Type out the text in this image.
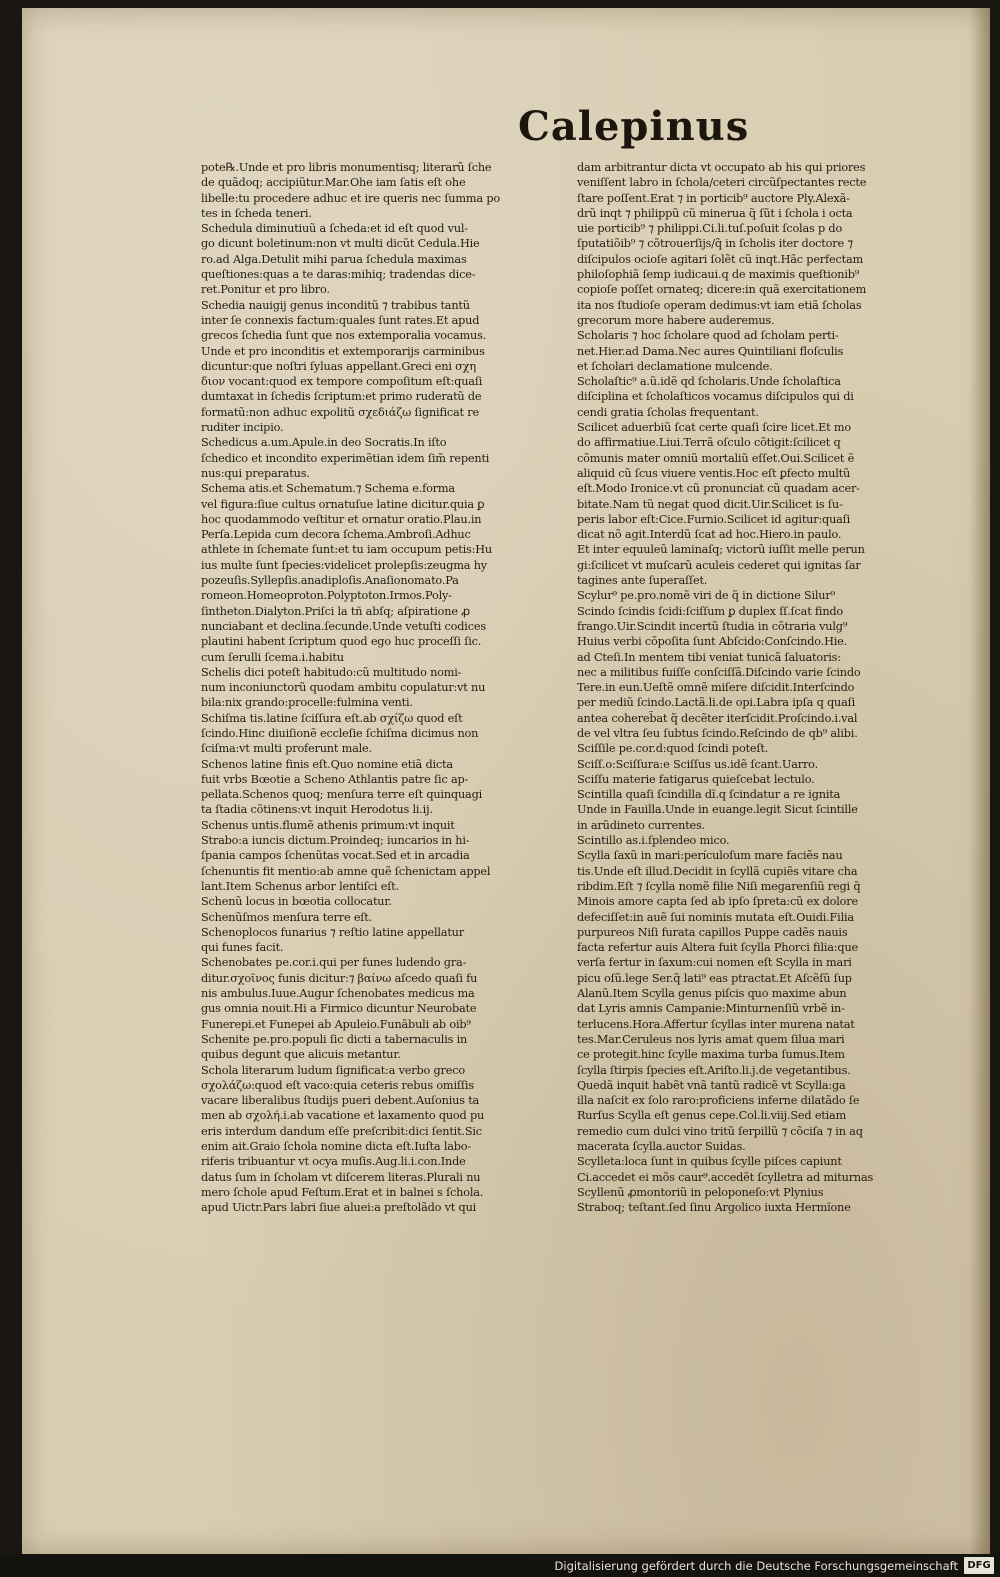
Calepinus
pote℞.Unde et pro libris monumentisq; literarũ ſche
de quãdoq; accipiũtur.Mar.Ohe iam ſatis eſt ohe
libelle:tu procedere adhuc et ire queris nec ſumma po
tes in ſcheda teneri.
Schedula diminutiuũ a ſcheda:et id eſt quod vul-
go dicunt boletinum:non vt multi dicũt Cedula.Hie
ro.ad Alga.Detulit mihi parua ſchedula maximas
queſtiones:quas a te daras:mihiq; tradendas dice-
ret.Ponitur et pro libro.
Schedia nauigij genus inconditũ ⁊ trabibus tantũ
inter ſe connexis factum:quales ſunt rates.Et apud
grecos ſchedia ſunt que nos extemporalia vocamus.
Unde et pro inconditis et extemporarijs carminibus
dicuntur:que noſtri ſyluas appellant.Greci eni σχη
διον vocant:quod ex tempore compoſitum eſt:quaſi
dumtaxat in ſchedis ſcriptum:et primo ruderatũ de
formatũ:non adhuc expolitũ σχεδιάζω ſignificat re
ruditer incipio.
Schedicus a.um.Apule.in deo Socratis.In iſto
ſchedico et incondito experimẽtian idem ſim̃ repenti
nus:qui preparatus.
Schema atis.et Schematum.⁊ Schema e.forma
vel figura:ſiue cultus ornatuſue latine dicitur.quia ꝑ
hoc quodammodo veſtitur et ornatur oratio.Plau.in
Perſa.Lepida cum decora ſchema.Ambroſi.Adhuc
athlete in ſchemate ſunt:et tu iam occupum petis:Hu
ius multe ſunt ſpecies:videlicet prolepſis:zeugma hy
pozeuſis.Syllepſis.anadiploſis.Anaſionomato.Pa
romeon.Homeoproton.Polyptoton.Irmos.Poly-
ſintheton.Dialyton.Priſci la tñ abſq; aſpiratione ꝓ
nunciabant et declina.ſecunde.Unde vetuſti codices
plautini habent ſcriptum quod ego huc proceſſi ſic.
cum ſerulli ſcema.i.habitu
Schelis dici poteſt habitudo:cũ multitudo nomi-
num inconiunctorũ quodam ambitu copulatur:vt nu
bila:nix grando:procelle:fulmina venti.
Schiſma tis.latine ſciſſura eſt.ab σχίζω quod eſt
ſcindo.Hinc diuiſionẽ eccleſie ſchiſma dicimus non
ſciſma:vt multi proferunt male.
Schenos latine finis eſt.Quo nomine etiã dicta
fuit vrbs Bœotie a Scheno Athlantis patre ſic ap-
pellata.Schenos quoq; menſura terre eſt quinquagi
ta ſtadia cõtinens:vt inquit Herodotus li.ij.
Schenus untis.flumẽ athenis primum:vt inquit
Strabo:a iuncis dictum.Proindeq; iuncarios in hi-
ſpania campos ſchenũtas vocat.Sed et in arcadia
ſchenuntis fit mentio:ab amne quẽ ſchenictam appel
lant.Item Schenus arbor lentiſci eſt.
Schenũ locus in bœotia collocatur.
Schenũſmos menſura terre eſt.
Schenoplocos funarius ⁊ reſtio latine appellatur
qui funes facit.
Schenobates pe.cor.i.qui per funes ludendo gra-
ditur.σχοῖνος funis dicitur:⁊ βαίνω aſcedo quaſi fu
nis ambulus.Iuue.Augur ſchenobates medicus ma
gus omnia nouit.Hi a Firmico dicuntur Neurobate
Funerepi.et Funepei ab Apuleio.Funãbuli ab oib⁹
Schenite pe.pro.populi ſic dicti a tabernaculis in
quibus degunt que alicuis metantur.
Schola literarum ludum ſignificat:a verbo greco
σχολάζω:quod eſt vaco:quia ceteris rebus omiſſis
vacare liberalibus ſtudijs pueri debent.Auſonius ta
men ab σχολή.i.ab vacatione et laxamento quod pu
eris interdum dandum eſſe preſcribit:dici ſentit.Sic
enim ait.Graio ſchola nomine dicta eſt.Iuſta labo-
riferis tribuantur vt ocya muſis.Aug.li.i.con.Inde
datus ſum in ſcholam vt diſcerem literas.Plurali nu
mero ſchole apud Feſtum.Erat et in balnei s ſchola.
apud Uictr.Pars labri ſiue aluei:a preſtolãdo vt qui
dam arbitrantur dicta vt occupato ab his qui priores
veniſſent labro in ſchola/ceteri circũſpectantes recte
ſtare poſſent.Erat ⁊ in porticib⁹ auctore Ply.Alexã-
drũ inqt ⁊ philippũ cũ minerua q̃ ſũt i ſchola i octa
uie porticib⁹ ⁊ philippi.Ci.li.tuſ.poſuit ſcolas p do
ſputatiõib⁹ ⁊ cõtrouerſijs/q̃ in ſcholis iter doctore ⁊
diſcipulos ocioſe agitari ſolẽt cũ inqt.Hãc perfectam
philoſophiã ſemp iudicaui.q de maximis queſtionib⁹
copioſe poſſet ornateq; dicere:in quã exercitationem
ita nos ſtudioſe operam dedimus:vt iam etiã ſcholas
grecorum more habere auderemus.
Scholaris ⁊ hoc ſcholare quod ad ſcholam perti-
net.Hier.ad Dama.Nec aures Quintiliani floſculis
et ſcholari declamatione mulcende.
Scholaſtic⁹ a.ũ.idẽ qd ſcholaris.Unde ſcholaſtica
diſciplina et ſcholaſticos vocamus diſcipulos qui di
cendi gratia ſcholas frequentant.
Scilicet aduerbiũ ſcat certe quaſi ſcire licet.Et mo
do affirmatiue.Liui.Terrã oſculo cõtigit:ſcilicet q
cõmunis mater omniũ mortaliũ eſſet.Oui.Scilicet ẽ
aliquid cũ ſcus viuere ventis.Hoc eſt ꝑfecto multũ
eſt.Modo Ironice.vt cũ pronunciat cũ quadam acer-
bitate.Nam tũ negat quod dicit.Uir.Scilicet is ſu-
peris labor eſt:Cice.Furnio.Scilicet id agitur:quaſi
dicat nõ agit.Interdũ ſcat ad hoc.Hiero.in paulo.
Et inter equuleũ laminaſq; victorũ iuſſit melle perun
gi:ſcilicet vt muſcarũ aculeis cederet qui ignitas ſar
tagines ante ſuperaſſet.
Scylur⁹ pe.pro.nomẽ viri de q̃ in dictione Silur⁹
Scindo ſcindis ſcidi:ſciſſum ꝑ duplex ſſ.ſcat findo
frango.Uir.Scindit incertũ ſtudia in cõtraria vulg⁹
Huius verbi cõpoſita ſunt Abſcido:Conſcindo.Hie.
ad Cteſi.In mentem tibi veniat tunicã ſaluatoris:
nec a militibus fuiſſe conſciſſã.Diſcindo varie ſcindo
Tere.in eun.Ueſtẽ omnẽ miſere diſcidit.Interſcindo
per mediũ ſcindo.Lactã.li.de opi.Labra ipſa q quaſi
antea cohereb̃at q̃ decẽter iterſcidit.Proſcindo.i.val
de vel vltra ſeu ſubtus ſcindo.Reſcindo de qb⁹ alibi.
Sciſſile pe.cor.d:quod ſcindi poteſt.
Sciſſ.o:Sciſſura:e Sciſſus us.idẽ ſcant.Uarro.
Sciſſu materie fatigarus quieſcebat lectulo.
Scintilla quaſi ſcindilla dĩ.q ſcindatur a re ignita
Unde in Fauilla.Unde in euange.legit Sicut ſcintille
in arũdineto currentes.
Scintillo as.i.ſplendeo mico.
Scylla ſaxũ in mari:perículoſum mare faciẽs nau
tis.Unde eſt illud.Decidit in ſcyllã cupiẽs vitare cha
ribdim.Eſt ⁊ ſcylla nomẽ filie Niſi megarenſiũ regi q̃
Minois amore capta ſed ab ipſo ſpreta:cũ ex dolore
defeciſſet:in auẽ ſui nominis mutata eſt.Ouidi.Filia
purpureos Niſi furata capillos Puppe cadẽs nauis
facta refertur auis Altera fuit ſcylla Phorci filia:que
verſa fertur in ſaxum:cui nomen eſt Scylla in mari
picu oſũ.lege Ser.q̃ lati⁹ eas ptractat.Et Aſcẽſũ ſup
Alanũ.Item Scylla genus piſcis quo maxime abun
dat Lyris amnis Campanie:Minturnenſiũ vrbẽ in-
terlucens.Hora.Affertur ſcyllas inter murena natat
tes.Mar.Ceruleus nos lyris amat quem ſilua mari
ce protegit.hinc ſcylle maxima turba ſumus.Item
ſcylla ſtirpis ſpecies eſt.Ariſto.li.j.de vegetantibus.
Quedã inquit habẽt vnã tantũ radicẽ vt Scylla:ga
illa naſcit ex ſolo raro:proficiens inferne dilatãdo ſe
Rurſus Scylla eſt genus cepe.Col.li.viij.Sed etiam
remedio cum dulci vino tritũ ſerpillũ ⁊ cõciſa ⁊ in aq
macerata ſcylla.auctor Suidas.
Scylleta:loca ſunt in quibus ſcylle piſces capiunt
Ci.accedet ei mõs caur⁹.accedẽt ſcylletra ad miturnas
Scyllenũ ꝓmontoriũ in peloponeſo:vt Plynius
Straboq; teſtant.ſed ſinu Argolico iuxta Hermĩone
Digitalisierung gefördert durch die Deutsche Forschungsgemeinschaft DFG
